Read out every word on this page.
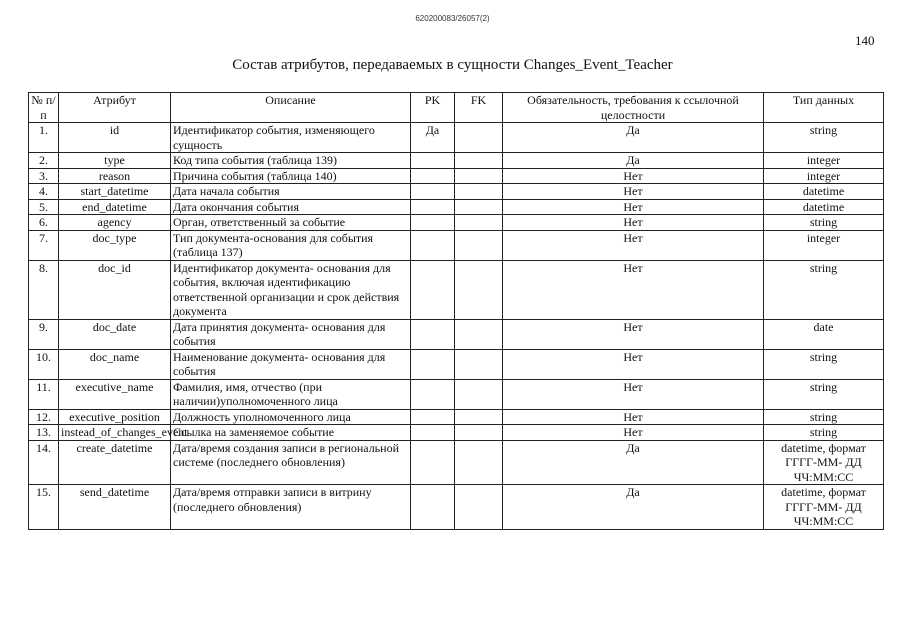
620200083/26057(2)
140
Состав атрибутов, передаваемых в сущности Changes_Event_Teacher
№ п/п	Атрибут	Описание	PK	FK	Обязательность, требования к ссылочной целостности	Тип данных
1.	id	Идентификатор события, изменяющего сущность	Да		Да	string
2.	type	Код типа события (таблица 139)			Да	integer
3.	reason	Причина события (таблица 140)			Нет	integer
4.	start_datetime	Дата начала события			Нет	datetime
5.	end_datetime	Дата окончания события			Нет	datetime
6.	agency	Орган, ответственный за событие			Нет	string
7.	doc_type	Тип документа-основания для события (таблица 137)			Нет	integer
8.	doc_id	Идентификатор документа- основания для события, включая идентификацию ответственной организации и срок действия документа			Нет	string
9.	doc_date	Дата принятия документа- основания для события			Нет	date
10.	doc_name	Наименование документа- основания для события			Нет	string
11.	executive_name	Фамилия, имя, отчество (при наличии)уполномоченного лица			Нет	string
12.	executive_position	Должность уполномоченного лица			Нет	string
13.	instead_of_changes_event	Ссылка на заменяемое событие			Нет	string
14.	create_datetime	Дата/время создания записи в региональной системе (последнего обновления)			Да	datetime, формат ГГГГ-ММ- ДД ЧЧ:ММ:СС
15.	send_datetime	Дата/время отправки записи в витрину (последнего обновления)			Да	datetime, формат ГГГГ-ММ- ДД ЧЧ:ММ:СС
